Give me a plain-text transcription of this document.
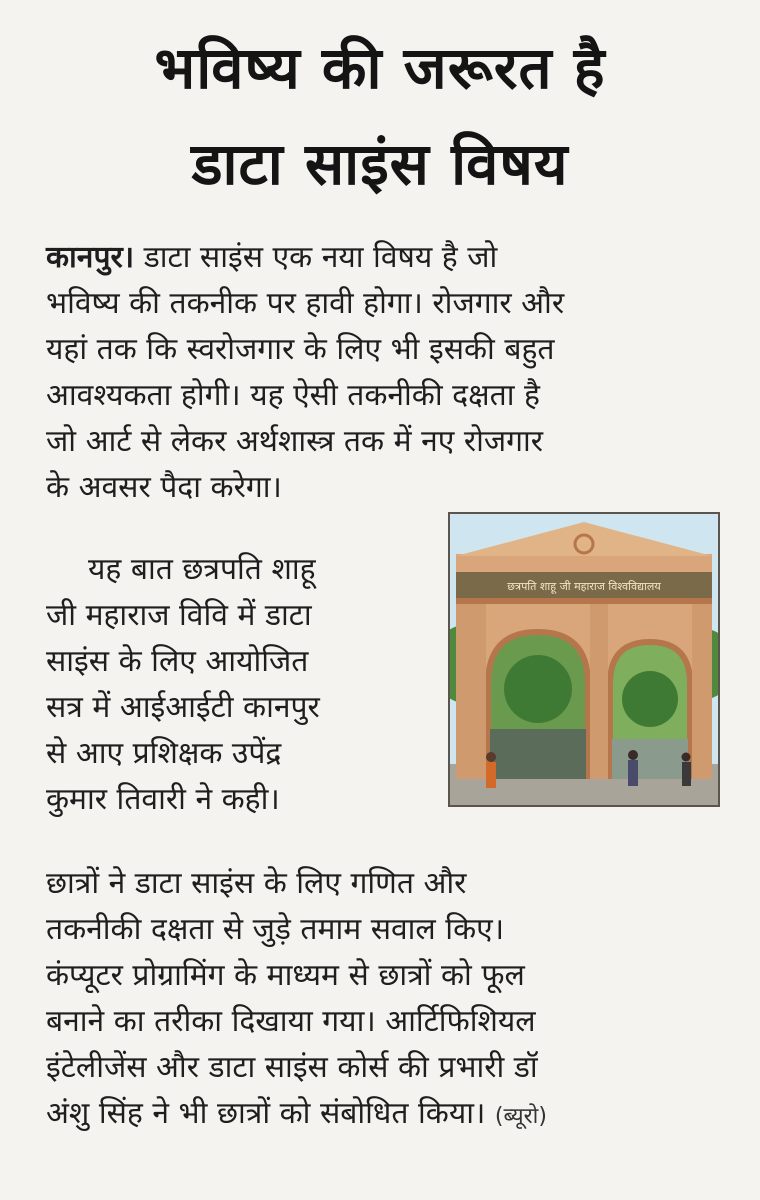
भविष्य की जरूरत है
डाटा साइंस विषय
कानपुर। डाटा साइंस एक नया विषय है जो
भविष्य की तकनीक पर हावी होगा। रोजगार और
यहां तक कि स्वरोजगार के लिए भी इसकी बहुत
आवश्यकता होगी। यह ऐसी तकनीकी दक्षता है
जो आर्ट से लेकर अर्थशास्त्र तक में नए रोजगार
के अवसर पैदा करेगा।
यह बात छत्रपति शाहू
जी महाराज विवि में डाटा
साइंस के लिए आयोजित
सत्र में आईआईटी कानपुर
से आए प्रशिक्षक उपेंद्र
कुमार तिवारी ने कही।
छत्रपति शाहू जी महाराज विश्वविद्यालय
छात्रों ने डाटा साइंस के लिए गणित और
तकनीकी दक्षता से जुड़े तमाम सवाल किए।
कंप्यूटर प्रोग्रामिंग के माध्यम से छात्रों को फूल
बनाने का तरीका दिखाया गया। आर्टिफिशियल
इंटेलीजेंस और डाटा साइंस कोर्स की प्रभारी डॉ
अंशु सिंह ने भी छात्रों को संबोधित किया। (ब्यूरो)
